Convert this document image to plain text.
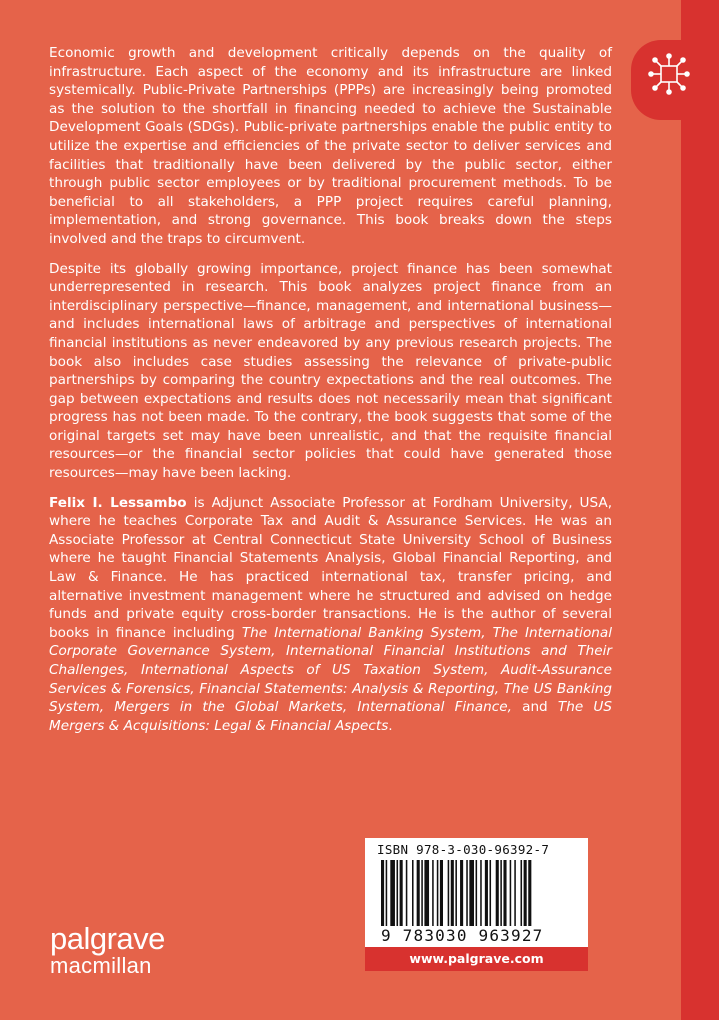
Economic growth and development critically depends on the quality of infrastructure. Each aspect of the economy and its infrastructure are linked systemically. Public-Private Partnerships (PPPs) are increasingly being promoted as the solution to the shortfall in financing needed to achieve the Sustainable Development Goals (SDGs). Public-private partnerships enable the public entity to utilize the expertise and efficiencies of the private sector to deliver services and facilities that traditionally have been delivered by the public sector, either through public sector employees or by traditional procurement methods. To be beneficial to all stakeholders, a PPP project requires careful planning, implementation, and strong governance. This book breaks down the steps involved and the traps to circumvent.

Despite its globally growing importance, project finance has been somewhat underrepresented in research. This book analyzes project finance from an interdisciplinary perspective—finance, management, and international business—and includes international laws of arbitrage and perspectives of international financial institutions as never endeavored by any previous research projects. The book also includes case studies assessing the relevance of private-public partnerships by comparing the country expectations and the real outcomes. The gap between expectations and results does not necessarily mean that significant progress has not been made. To the contrary, the book suggests that some of the original targets set may have been unrealistic, and that the requisite financial resources—or the financial sector policies that could have generated those resources—may have been lacking.

Felix I. Lessambo is Adjunct Associate Professor at Fordham University, USA, where he teaches Corporate Tax and Audit & Assurance Services. He was an Associate Professor at Central Connecticut State University School of Business where he taught Financial Statements Analysis, Global Financial Reporting, and Law & Finance. He has practiced international tax, transfer pricing, and alternative investment management where he structured and advised on hedge funds and private equity cross-border transactions. He is the author of several books in finance including The International Banking System, The International Corporate Governance System, International Financial Institutions and Their Challenges, International Aspects of US Taxation System, Audit-Assurance Services & Forensics, Financial Statements: Analysis & Reporting, The US Banking System, Mergers in the Global Markets, International Finance, and The US Mergers & Acquisitions: Legal & Financial Aspects.

ISBN 978-3-030-96392-7
9 783030 963927
www.palgrave.com
palgrave
macmillan
